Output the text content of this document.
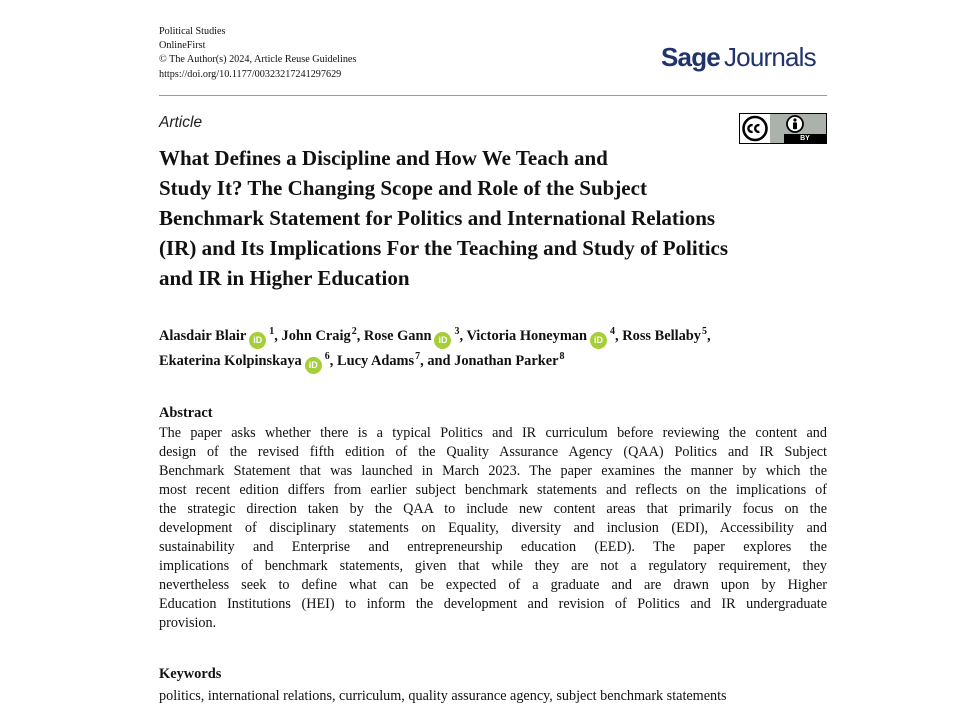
Political Studies
OnlineFirst
© The Author(s) 2024, Article Reuse Guidelines
https://doi.org/10.1177/00323217241297629
Sage Journals
Article
BY
What Defines a Discipline and How We Teach and
Study It? The Changing Scope and Role of the Subject
Benchmark Statement for Politics and International Relations
(IR) and Its Implications For the Teaching and Study of Politics
and IR in Higher Education
Alasdair Blair $iD^1$, John Craig$^2$, Rose Gann $iD^3$, Victoria Honeyman $iD^4$, Ross Bellaby$^5$,
Ekaterina Kolpinskaya $iD^6$, Lucy Adams$^7$, and Jonathan Parker$^8$
Abstract
The paper asks whether there is a typical Politics and IR curriculum before reviewing the content and
design of the revised fifth edition of the Quality Assurance Agency (QAA) Politics and IR Subject
Benchmark Statement that was launched in March 2023. The paper examines the manner by which the
most recent edition differs from earlier subject benchmark statements and reflects on the implications of
the strategic direction taken by the QAA to include new content areas that primarily focus on the
development of disciplinary statements on Equality, diversity and inclusion (EDI), Accessibility and
sustainability and Enterprise and entrepreneurship education (EED). The paper explores the
implications of benchmark statements, given that while they are not a regulatory requirement, they
nevertheless seek to define what can be expected of a graduate and are drawn upon by Higher
Education Institutions (HEI) to inform the development and revision of Politics and IR undergraduate
provision.
Keywords
politics, international relations, curriculum, quality assurance agency, subject benchmark statements
